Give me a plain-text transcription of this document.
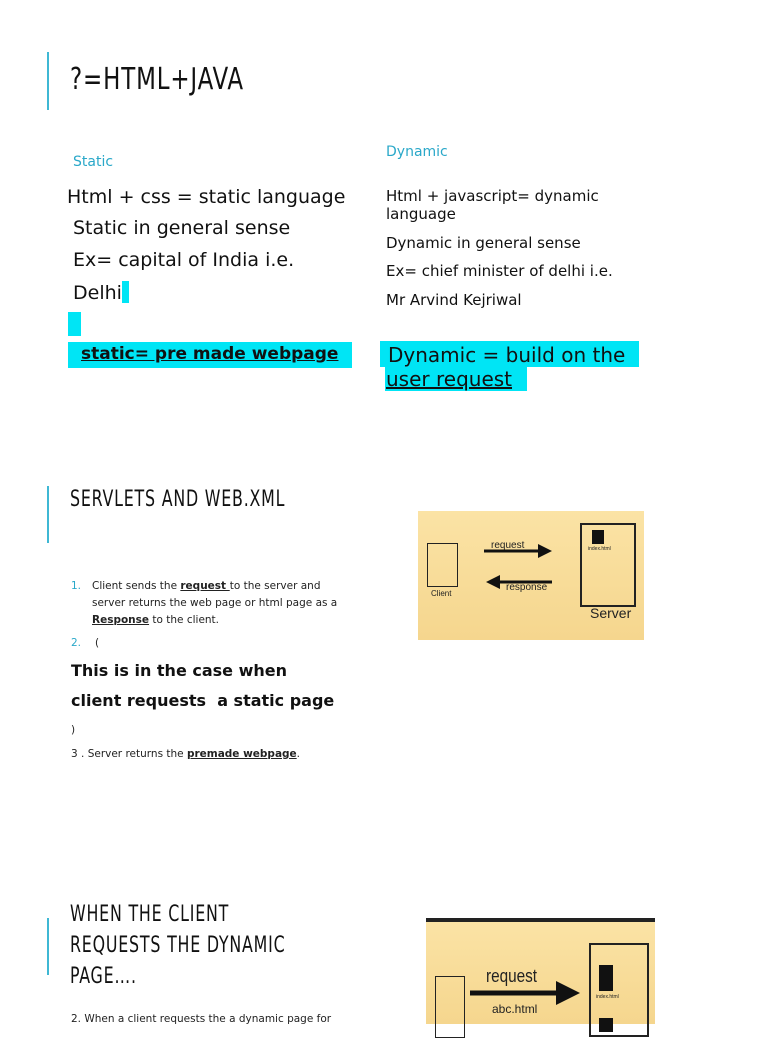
?=HTML+JAVA
Static
Dynamic
Html + css = static language
Static in general sense
Ex= capital of India i.e.
Delhi
static= pre made webpage
Html + javascript= dynamic
language
Dynamic in general sense
Ex= chief minister of delhi i.e.
Mr Arvind Kejriwal
Dynamic = build on the
user request
SERVLETS AND WEB.XML
1. Client sends the request to the server and
server returns the web page or html page as a
Response to the client.
2. (
This is in the case when
client requests  a static page
)
3 . Server returns the premade webpage.
Client
request
response
index.html
Server
WHEN THE CLIENT
REQUESTS THE DYNAMIC
PAGE….
2. When a client requests the a dynamic page for
request
abc.html
index.html
